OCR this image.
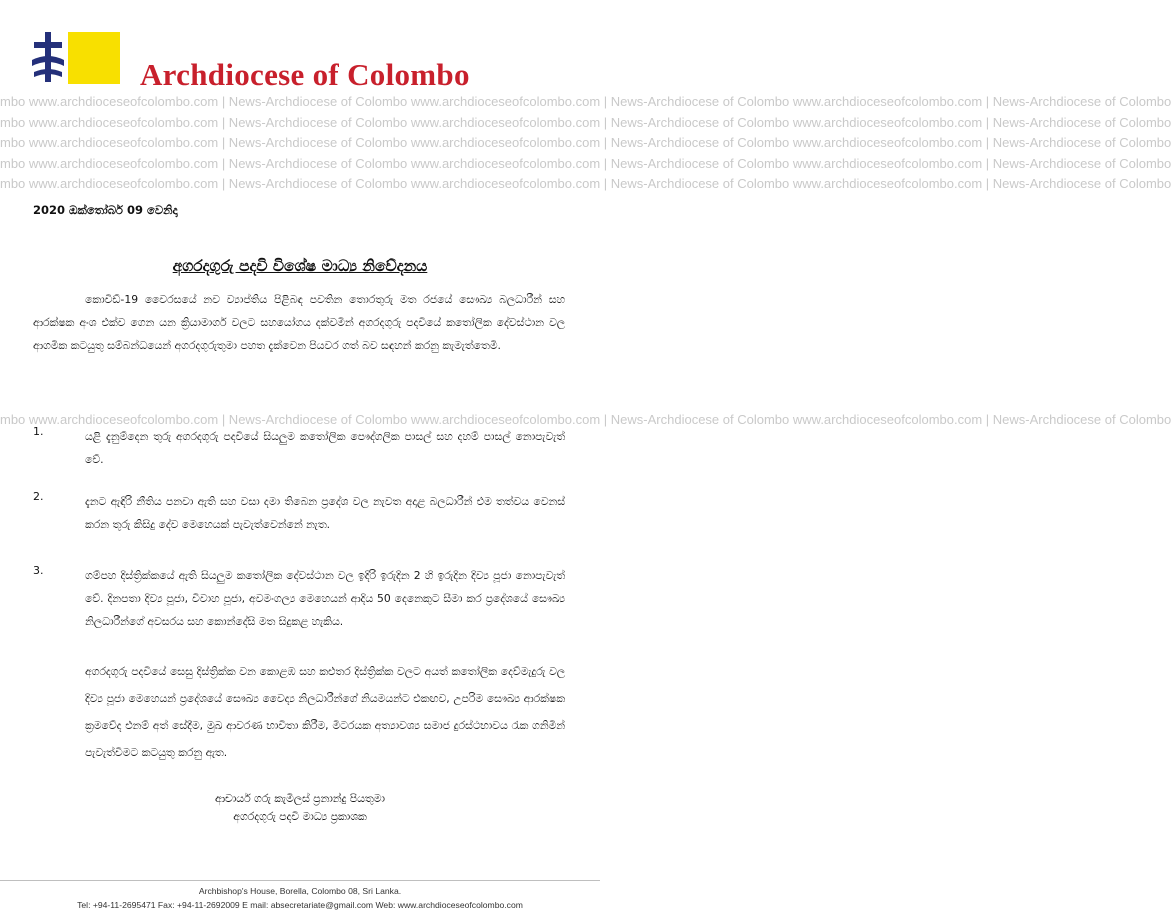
Archdiocese of Colombo
mbo www.archdioceseofcolombo.com | News-Archdiocese of Colombo www.archdioceseofcolombo.com | News-Archdiocese of Colombo www.archdioceseofcolombo.com | News-Archdiocese of Colombo
mbo www.archdioceseofcolombo.com | News-Archdiocese of Colombo www.archdioceseofcolombo.com | News-Archdiocese of Colombo www.archdioceseofcolombo.com | News-Archdiocese of Colombo
mbo www.archdioceseofcolombo.com | News-Archdiocese of Colombo www.archdioceseofcolombo.com | News-Archdiocese of Colombo www.archdioceseofcolombo.com | News-Archdiocese of Colombo
mbo www.archdioceseofcolombo.com | News-Archdiocese of Colombo www.archdioceseofcolombo.com | News-Archdiocese of Colombo www.archdioceseofcolombo.com | News-Archdiocese of Colombo
mbo www.archdioceseofcolombo.com | News-Archdiocese of Colombo www.archdioceseofcolombo.com | News-Archdiocese of Colombo www.archdioceseofcolombo.com | News-Archdiocese of Colombo
mbo www.archdioceseofcolombo.com | News-Archdiocese of Colombo www.archdioceseofcolombo.com | News-Archdiocese of Colombo www.archdioceseofcolombo.com | News-Archdiocese of Colombo
2020 ඔක්තෝබර් 09 වෙනිදා
අගරදගුරු පදවි විශේෂ මාධ්‍ය නිවේදනය
කොවිඩ්-19 වෛරසයේ නව ව්‍යාප්තිය පිළිබඳ පවතින තොරතුරු මත රජයේ සෞඛ්‍ය බලධාරීන් සහ ආරක්ෂක අංශ එක්ව ගෙන යන ක්‍රියාමාර්ග වලට සහයෝගය දක්වමින් අගරදගුරු පදවියේ කතෝලික දේවස්ථාන වල ආගමික කටයුතු සම්බන්ධයෙන් අගරදගුරුතුමා පහත දැක්වෙන පියවර ගත් බව සඳහන් කරනු කැමැත්තෙමි.
1.	යළි දැනුම්දෙන තුරු අගරදගුරු පදවියේ සියලුම කතෝලික පෞද්ගලික පාසල් සහ දහම් පාසල් නොපැවැත් වේ.
2.	දැනට ඇඳිරි නීතිය පනවා ඇති සහ වසා දමා තිබෙන ප්‍රදේශ වල නැවත අදාළ බලධාරීන් එම තත්වය වෙනස් කරන තුරු කිසිදු දේව මෙහෙයක් පැවැත්වෙන්නේ නැත.
3.	ගම්පහ දිස්ත්‍රික්කයේ ඇති සියලුම කතෝලික දේවස්ථාන වල ඉදිරි ඉරුදින 2 හි ඉරුදින දිව්‍ය පූජා නොපැවැත් වේ. දිනපතා දිව්‍ය පූජා, විවාහ පූජා, අවමංගල්‍ය මෙහෙයන් ආදිය 50 දෙනෙකුට සීමා කර ප්‍රදේශයේ සෞඛ්‍ය නිලධාරීන්ගේ අවසරය සහ කොන්දේසි මත සිදුකළ හැකිය.
අගරදගුරු පදවියේ සෙසු දිස්ත්‍රික්ක වන කොළඹ සහ කළුතර දිස්ත්‍රික්ක වලට අයත් කතෝලික දෙව්මැදුරු වල දිව්‍ය පූජා මෙහෙයන් ප්‍රදේශයේ සෞඛ්‍ය වෛද්‍ය නිලධාරීන්ගේ නියමයන්ට එකඟව, උපරිම සෞඛ්‍ය ආරක්ෂක ක්‍රමවේද එනම් අත් සේදීම, මුඛ ආවරණ භාවිතා කිරීම, මීටරයක අත්‍යාවශ්‍ය සමාජ දුරස්ථභාවය රැක ගනිමින් පැවැත්වීමට කටයුතු කරනු ඇත.
ආචාර්ය ගරු කැමිලස් ප්‍රනාන්දු පියතුමා
අගරදගුරු පදවි මාධ්‍ය ප්‍රකාශක
Archbishop's House, Borella, Colombo 08, Sri Lanka.
Tel: +94-11-2695471 Fax: +94-11-2692009 E mail: absecretariate@gmail.com Web: www.archdioceseofcolombo.com
